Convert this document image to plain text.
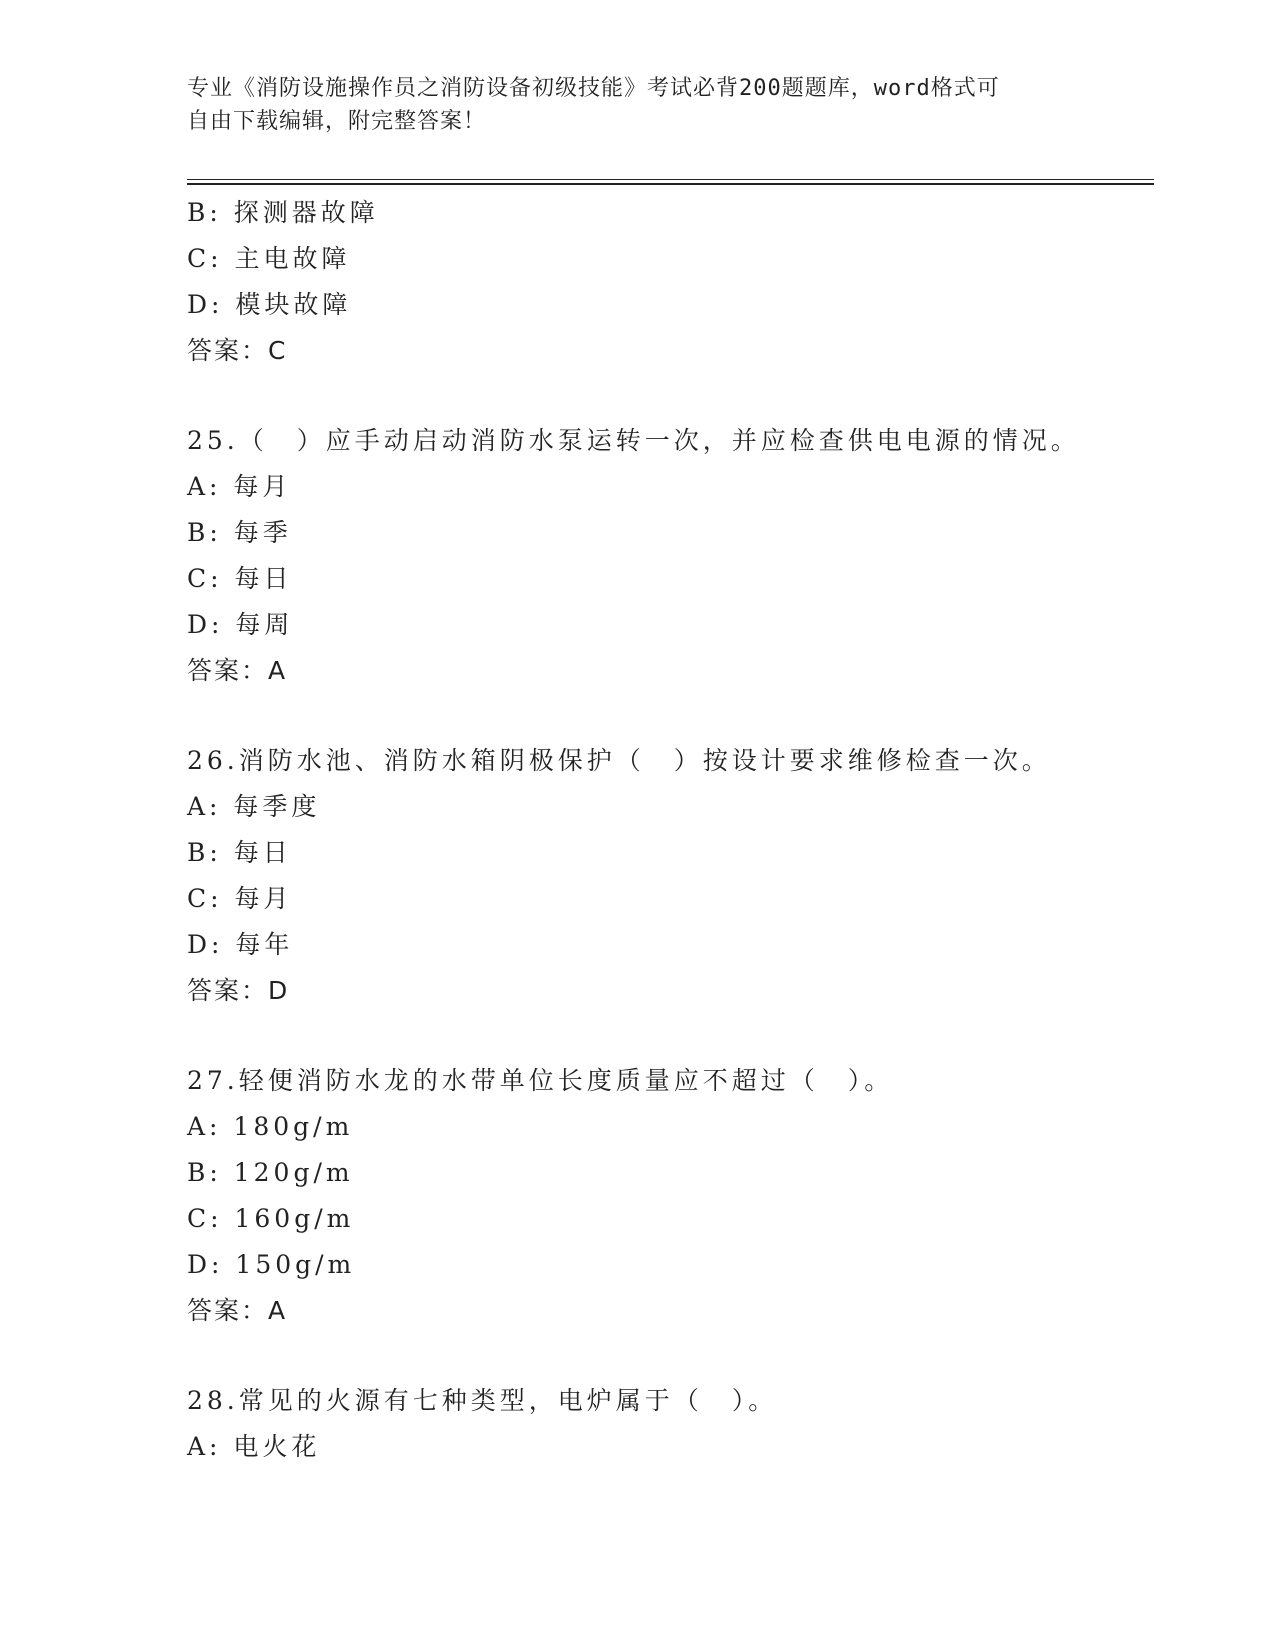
专业《消防设施操作员之消防设备初级技能》考试必背200题题库，word格式可
自由下载编辑，附完整答案！
B: 探测器故障
C: 主电故障
D: 模块故障
答案：C
25.（　）应手动启动消防水泵运转一次，并应检查供电电源的情况。
A: 每月
B: 每季
C: 每日
D: 每周
答案：A
26.消防水池、消防水箱阴极保护（　）按设计要求维修检查一次。
A: 每季度
B: 每日
C: 每月
D: 每年
答案：D
27.轻便消防水龙的水带单位长度质量应不超过（　）。
A: 180g/m
B: 120g/m
C: 160g/m
D: 150g/m
答案：A
28.常见的火源有七种类型，电炉属于（　）。
A: 电火花
